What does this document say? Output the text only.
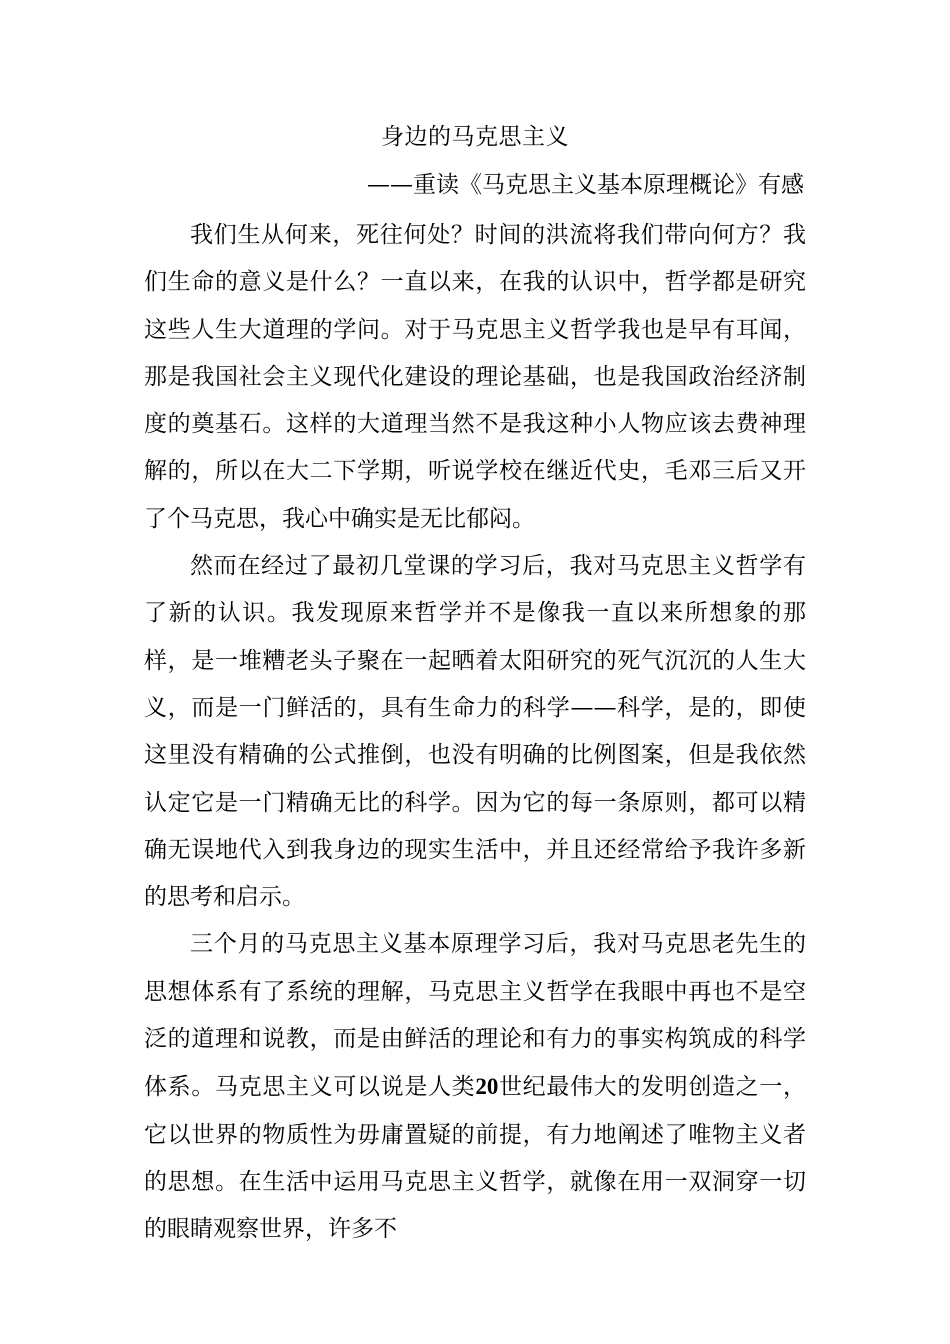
身边的马克思主义
——重读《马克思主义基本原理概论》有感

我们生从何来，死往何处？时间的洪流将我们带向何方？我们生命的意义是什么？一直以来，在我的认识中，哲学都是研究这些人生大道理的学问。对于马克思主义哲学我也是早有耳闻，那是我国社会主义现代化建设的理论基础，也是我国政治经济制度的奠基石。这样的大道理当然不是我这种小人物应该去费神理解的，所以在大二下学期，听说学校在继近代史，毛邓三后又开了个马克思，我心中确实是无比郁闷。

然而在经过了最初几堂课的学习后，我对马克思主义哲学有了新的认识。我发现原来哲学并不是像我一直以来所想象的那样，是一堆糟老头子聚在一起晒着太阳研究的死气沉沉的人生大义，而是一门鲜活的，具有生命力的科学——科学，是的，即使这里没有精确的公式推倒，也没有明确的比例图案，但是我依然认定它是一门精确无比的科学。因为它的每一条原则，都可以精确无误地代入到我身边的现实生活中，并且还经常给予我许多新的思考和启示。

三个月的马克思主义基本原理学习后，我对马克思老先生的思想体系有了系统的理解，马克思主义哲学在我眼中再也不是空泛的道理和说教，而是由鲜活的理论和有力的事实构筑成的科学体系。马克思主义可以说是人类20世纪最伟大的发明创造之一，它以世界的物质性为毋庸置疑的前提，有力地阐述了唯物主义者的思想。在生活中运用马克思主义哲学，就像在用一双洞穿一切的眼睛观察世界，许多不
